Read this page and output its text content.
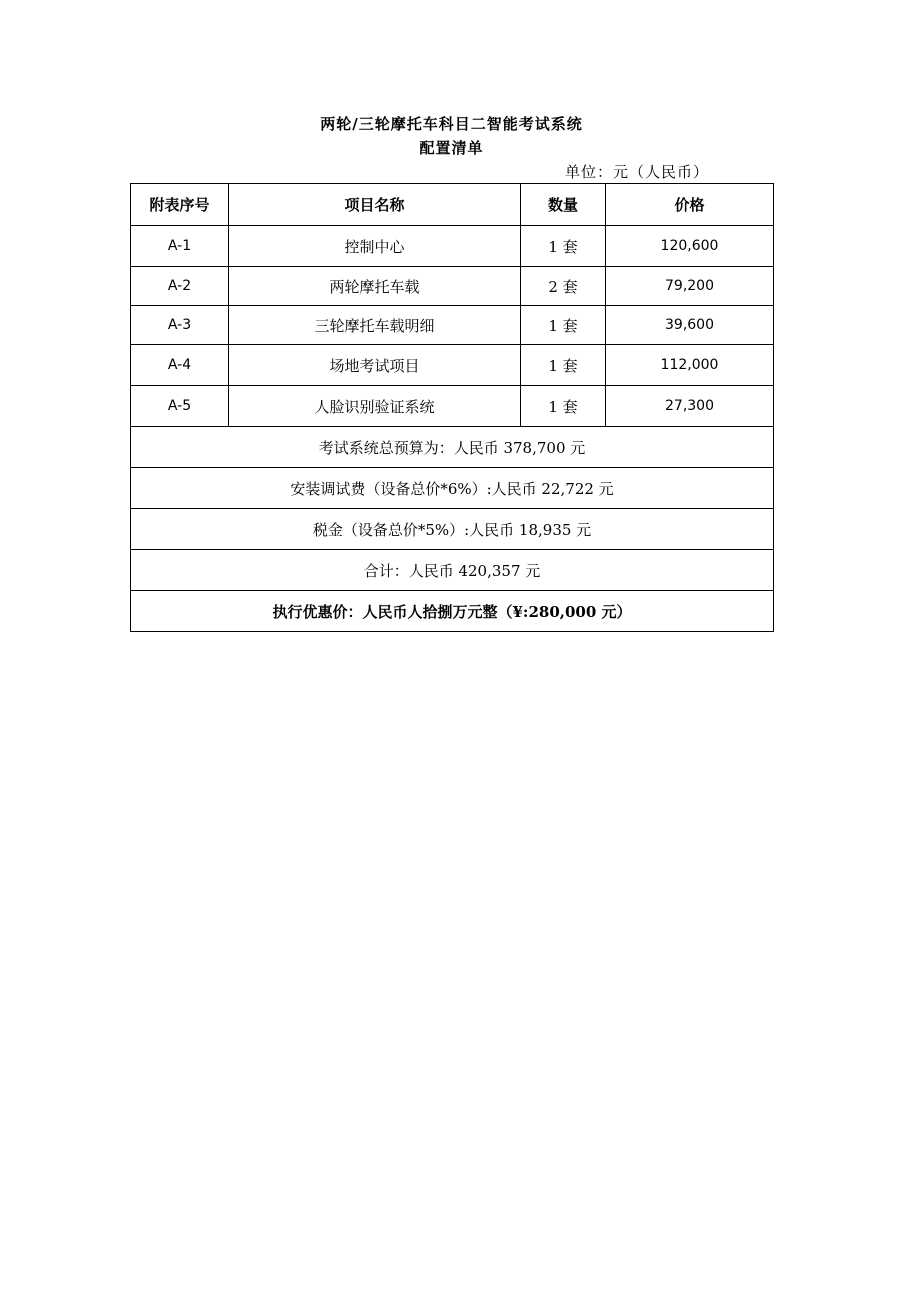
两轮/三轮摩托车科目二智能考试系统
配置清单
单位：元（人民币）
附表序号	项目名称	数量	价格
A-1	控制中心	1 套	120,600
A-2	两轮摩托车载	2 套	79,200
A-3	三轮摩托车载明细	1 套	39,600
A-4	场地考试项目	1 套	112,000
A-5	人脸识别验证系统	1 套	27,300
考试系统总预算为：人民币 378,700 元			
安装调试费（设备总价*6%）:人民币 22,722 元			
税金（设备总价*5%）:人民币 18,935 元			
合计：人民币 420,357 元			
执行优惠价：人民币人拾捌万元整（¥:280,000 元）			
